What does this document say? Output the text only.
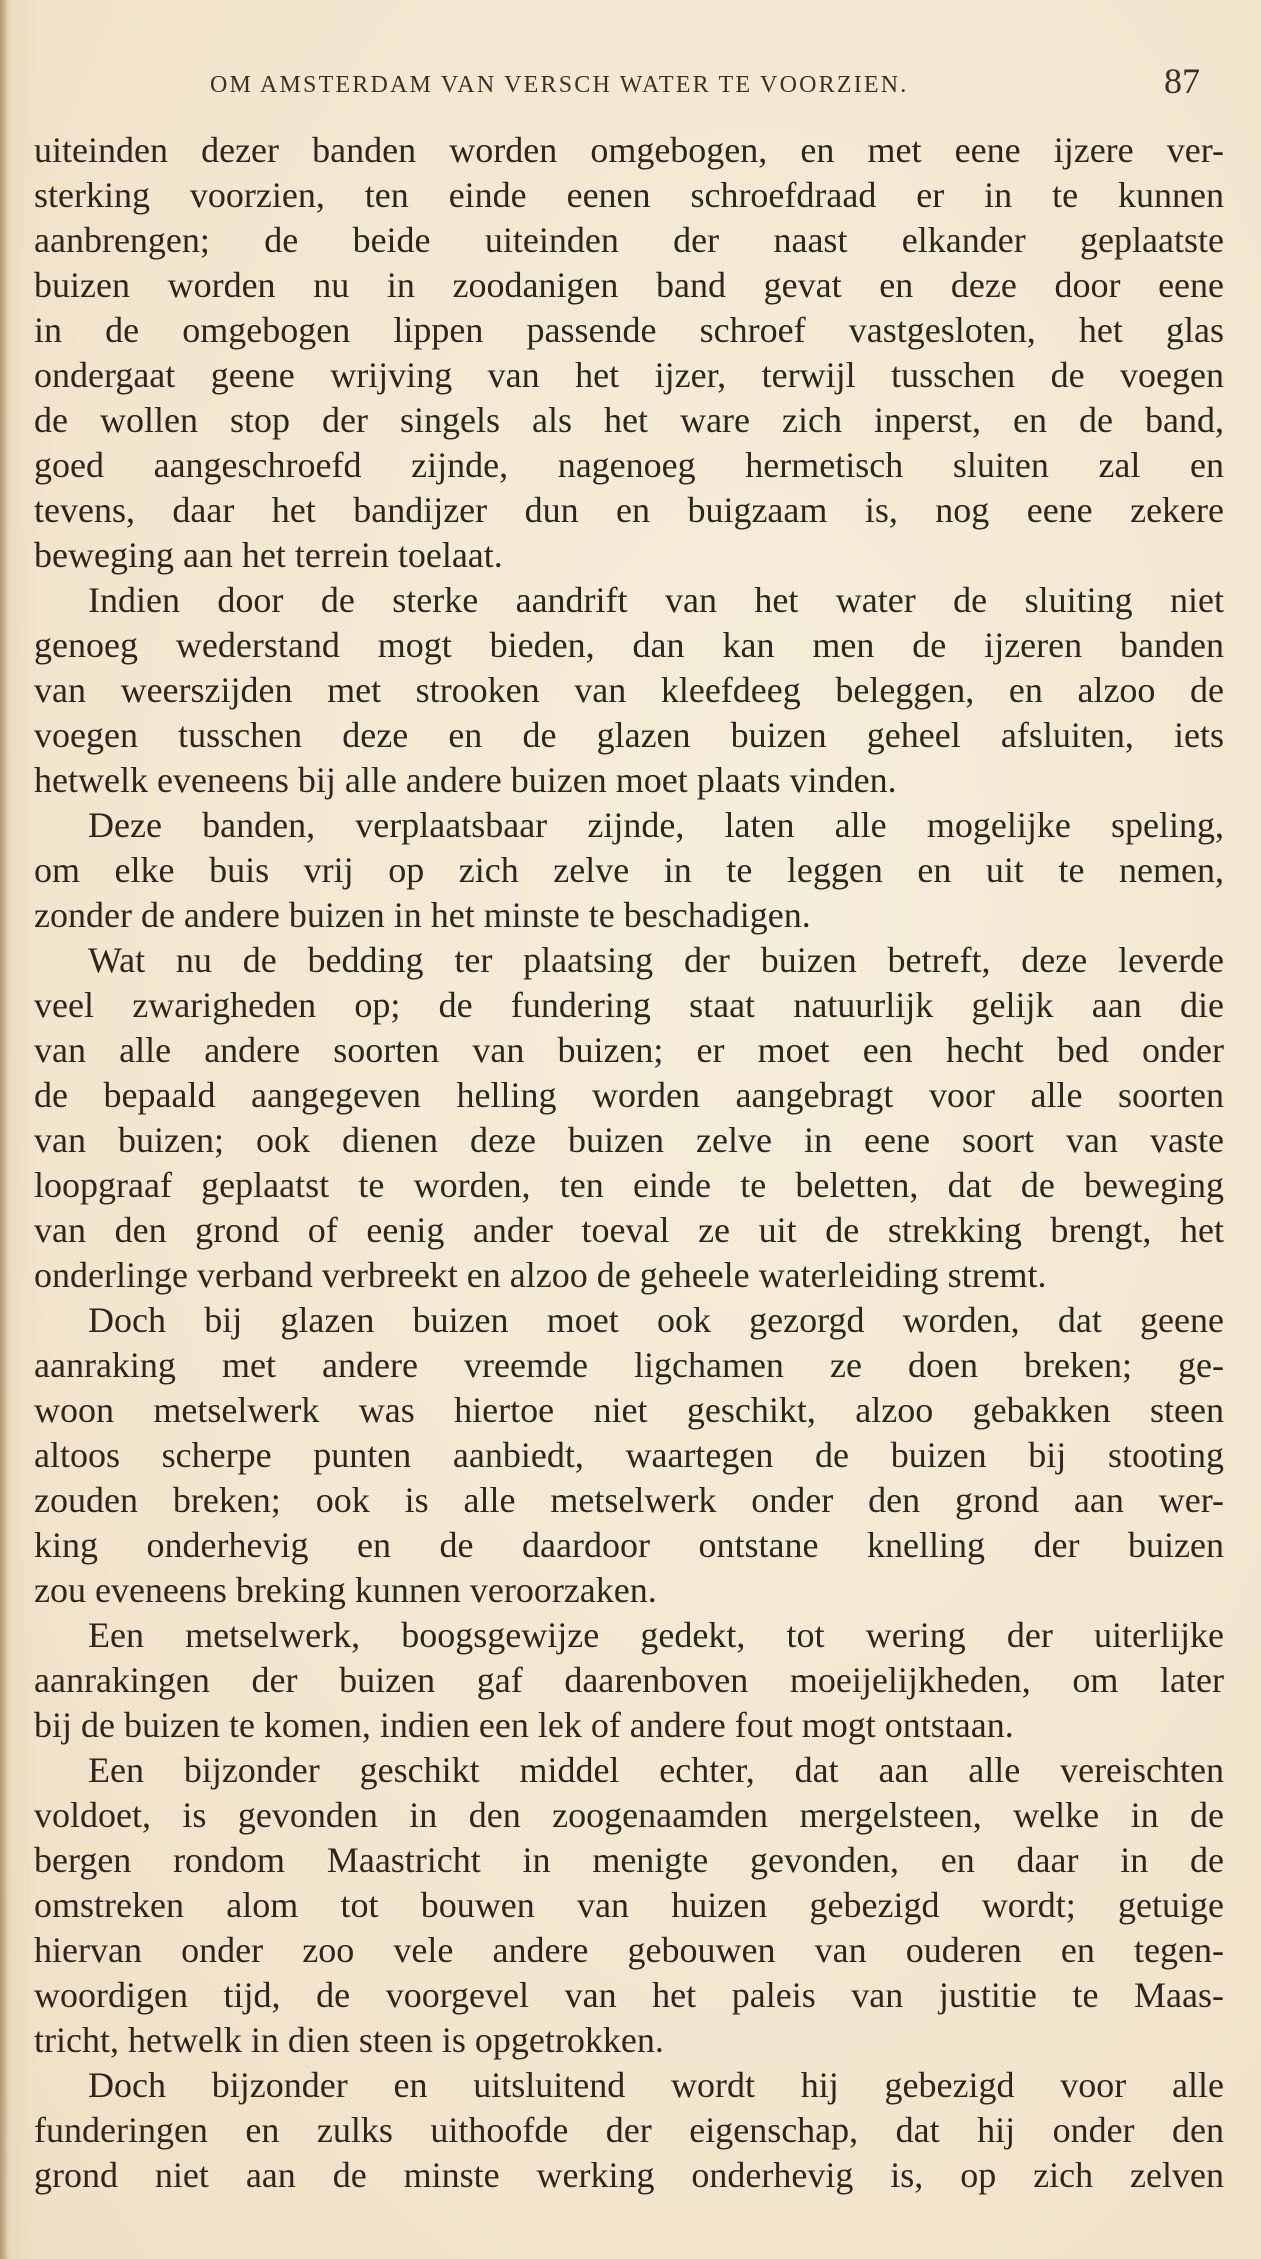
OM AMSTERDAM VAN VERSCH WATER TE VOORZIEN.	87
uiteinden dezer banden worden omgebogen, en met eene ijzere ver-
sterking voorzien, ten einde eenen schroefdraad er in te kunnen
aanbrengen; de beide uiteinden der naast elkander geplaatste
buizen worden nu in zoodanigen band gevat en deze door eene
in de omgebogen lippen passende schroef vastgesloten, het glas
ondergaat geene wrijving van het ijzer, terwijl tusschen de voegen
de wollen stop der singels als het ware zich inperst, en de band,
goed aangeschroefd zijnde, nagenoeg hermetisch sluiten zal en
tevens, daar het bandijzer dun en buigzaam is, nog eene zekere
beweging aan het terrein toelaat.
Indien door de sterke aandrift van het water de sluiting niet
genoeg wederstand mogt bieden, dan kan men de ijzeren banden
van weerszijden met strooken van kleefdeeg beleggen, en alzoo de
voegen tusschen deze en de glazen buizen geheel afsluiten, iets
hetwelk eveneens bij alle andere buizen moet plaats vinden.
Deze banden, verplaatsbaar zijnde, laten alle mogelijke speling,
om elke buis vrij op zich zelve in te leggen en uit te nemen,
zonder de andere buizen in het minste te beschadigen.
Wat nu de bedding ter plaatsing der buizen betreft, deze leverde
veel zwarigheden op; de fundering staat natuurlijk gelijk aan die
van alle andere soorten van buizen; er moet een hecht bed onder
de bepaald aangegeven helling worden aangebragt voor alle soorten
van buizen; ook dienen deze buizen zelve in eene soort van vaste
loopgraaf geplaatst te worden, ten einde te beletten, dat de beweging
van den grond of eenig ander toeval ze uit de strekking brengt, het
onderlinge verband verbreekt en alzoo de geheele waterleiding stremt.
Doch bij glazen buizen moet ook gezorgd worden, dat geene
aanraking met andere vreemde ligchamen ze doen breken; ge-
woon metselwerk was hiertoe niet geschikt, alzoo gebakken steen
altoos scherpe punten aanbiedt, waartegen de buizen bij stooting
zouden breken; ook is alle metselwerk onder den grond aan wer-
king onderhevig en de daardoor ontstane knelling der buizen
zou eveneens breking kunnen veroorzaken.
Een metselwerk, boogsgewijze gedekt, tot wering der uiterlijke
aanrakingen der buizen gaf daarenboven moeijelijkheden, om later
bij de buizen te komen, indien een lek of andere fout mogt ontstaan.
Een bijzonder geschikt middel echter, dat aan alle vereischten
voldoet, is gevonden in den zoogenaamden mergelsteen, welke in de
bergen rondom Maastricht in menigte gevonden, en daar in de
omstreken alom tot bouwen van huizen gebezigd wordt; getuige
hiervan onder zoo vele andere gebouwen van ouderen en tegen-
woordigen tijd, de voorgevel van het paleis van justitie te Maas-
tricht, hetwelk in dien steen is opgetrokken.
Doch bijzonder en uitsluitend wordt hij gebezigd voor alle
funderingen en zulks uithoofde der eigenschap, dat hij onder den
grond niet aan de minste werking onderhevig is, op zich zelven
